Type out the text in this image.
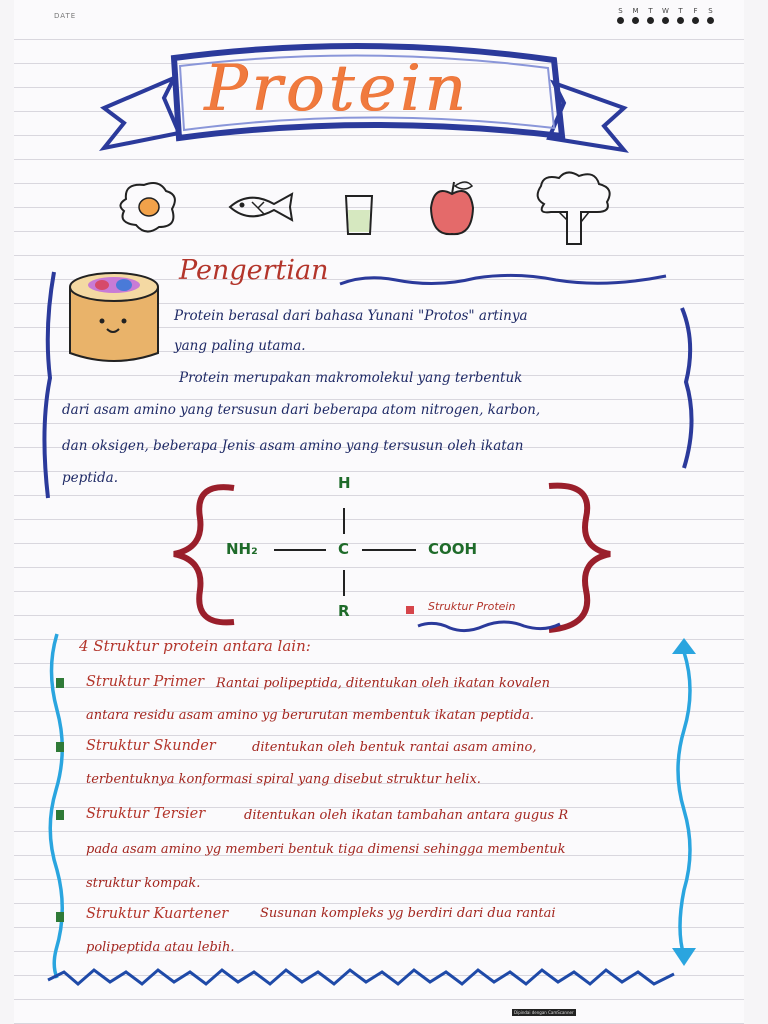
DATE
S M T W T F S
Protein
Pengertian
Protein berasal dari bahasa Yunani "Protos" artinya
yang paling utama.
Protein merupakan makromolekul yang terbentuk
dari asam amino yang tersusun dari beberapa atom nitrogen, karbon,
dan oksigen, beberapa Jenis asam amino yang tersusun oleh ikatan
peptida.	H
NH₂	C	COOH
R	Struktur Protein
4 Struktur protein antara lain:
Struktur Primer Rantai polipeptida, ditentukan oleh ikatan kovalen
antara residu asam amino yg berurutan membentuk ikatan peptida.
Struktur Skunder	ditentukan oleh bentuk rantai asam amino,
terbentuknya konformasi spiral yang disebut struktur helix.
Struktur Tersier	ditentukan oleh ikatan tambahan antara gugus R
pada asam amino yg memberi bentuk tiga dimensi sehingga membentuk
struktur kompak.
Struktur Kuartener Susunan kompleks yg berdiri dari dua rantai
polipeptida atau lebih.
Dipindai dengan CamScanner
